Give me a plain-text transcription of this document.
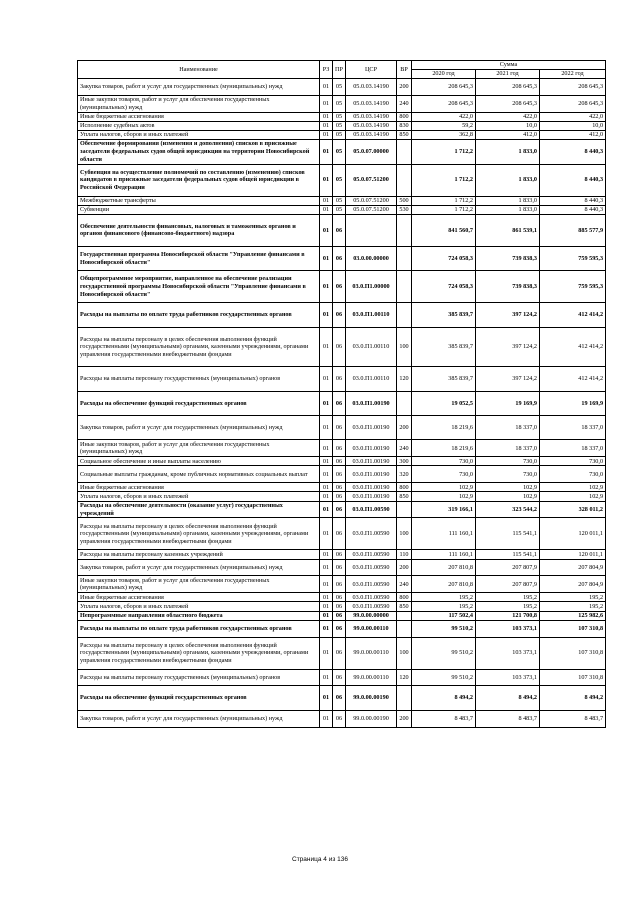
Наименование	РЗ	ПР	ЦСР	ВР	Сумма		
					2020 год	2021 год	2022 год
Закупка товаров, работ и услуг для государственных (муниципальных) нужд	01	05	05.0.03.14190	200	208 645,3	208 645,3	208 645,3
Иные закупки товаров, работ и услуг для обеспечения государственных (муниципальных) нужд	01	05	05.0.03.14190	240	208 645,3	208 645,3	208 645,3
Иные бюджетные ассигнования	01	05	05.0.03.14190	800	422,0	422,0	422,0
Исполнение судебных актов	01	05	05.0.03.14190	830	59,2	10,0	10,0
Уплата налогов, сборов и иных платежей	01	05	05.0.03.14190	850	362,8	412,0	412,0
Обеспечение формирования (изменения и дополнения) списков в присяжные заседатели федеральных судов общей юрисдикции на территории Новосибирской области	01	05	05.0.07.00000		1 712,2	1 833,0	8 440,3
Субвенция на осуществление полномочий по составлению (изменению) списков кандидатов в присяжные заседатели федеральных судов общей юрисдикции в Российской Федерации	01	05	05.0.07.51200		1 712,2	1 833,0	8 440,3
Межбюджетные трансферты	01	05	05.0.07.51200	500	1 712,2	1 833,0	8 440,3
Субвенции	01	05	05.0.07.51200	530	1 712,2	1 833,0	8 440,3
Обеспечение деятельности финансовых, налоговых и таможенных органов и органов финансового (финансово-бюджетного) надзора	01	06			841 560,7	861 539,1	885 577,9
Государственная программа Новосибирской области "Управление финансами в Новосибирской области"	01	06	03.0.00.00000		724 058,3	739 838,3	759 595,3
Общепрограммное мероприятие, направленное на обеспечение реализации государственной программы Новосибирской области "Управление финансами в Новосибирской области"	01	06	03.0.П1.00000		724 058,3	739 838,3	759 595,3
Расходы на выплаты по оплате труда работников государственных органов	01	06	03.0.П1.00110		385 839,7	397 124,2	412 414,2
Расходы на выплаты персоналу в целях обеспечения выполнения функций государственными (муниципальными) органами, казенными учреждениями, органами управления государственными внебюджетными фондами	01	06	03.0.П1.00110	100	385 839,7	397 124,2	412 414,2
Расходы на выплаты персоналу государственных (муниципальных) органов	01	06	03.0.П1.00110	120	385 839,7	397 124,2	412 414,2
Расходы на обеспечение функций государственных органов	01	06	03.0.П1.00190		19 052,5	19 169,9	19 169,9
Закупка товаров, работ и услуг для государственных (муниципальных) нужд	01	06	03.0.П1.00190	200	18 219,6	18 337,0	18 337,0
Иные закупки товаров, работ и услуг для обеспечения государственных (муниципальных) нужд	01	06	03.0.П1.00190	240	18 219,6	18 337,0	18 337,0
Социальное обеспечение и иные выплаты населению	01	06	03.0.П1.00190	300	730,0	730,0	730,0
Социальные выплаты гражданам, кроме публичных нормативных социальных выплат	01	06	03.0.П1.00190	320	730,0	730,0	730,0
Иные бюджетные ассигнования	01	06	03.0.П1.00190	800	102,9	102,9	102,9
Уплата налогов, сборов и иных платежей	01	06	03.0.П1.00190	850	102,9	102,9	102,9
Расходы на обеспечение деятельности (оказание услуг) государственных учреждений	01	06	03.0.П1.00590		319 166,1	323 544,2	328 011,2
Расходы на выплаты персоналу в целях обеспечения выполнения функций государственными (муниципальными) органами, казенными учреждениями, органами управления государственными внебюджетными фондами	01	06	03.0.П1.00590	100	111 160,1	115 541,1	120 011,1
Расходы на выплаты персоналу казенных учреждений	01	06	03.0.П1.00590	110	111 160,1	115 541,1	120 011,1
Закупка товаров, работ и услуг для государственных (муниципальных) нужд	01	06	03.0.П1.00590	200	207 810,8	207 807,9	207 804,9
Иные закупки товаров, работ и услуг для обеспечения государственных (муниципальных) нужд	01	06	03.0.П1.00590	240	207 810,8	207 807,9	207 804,9
Иные бюджетные ассигнования	01	06	03.0.П1.00590	800	195,2	195,2	195,2
Уплата налогов, сборов и иных платежей	01	06	03.0.П1.00590	850	195,2	195,2	195,2
Непрограммные направления областного бюджета	01	06	99.0.00.00000		117 502,4	121 700,8	125 982,6
Расходы на выплаты по оплате труда работников государственных органов	01	06	99.0.00.00110		99 510,2	103 373,1	107 310,8
Расходы на выплаты персоналу в целях обеспечения выполнения функций государственными (муниципальными) органами, казенными учреждениями, органами управления государственными внебюджетными фондами	01	06	99.0.00.00110	100	99 510,2	103 373,1	107 310,8
Расходы на выплаты персоналу государственных (муниципальных) органов	01	06	99.0.00.00110	120	99 510,2	103 373,1	107 310,8
Расходы на обеспечение функций государственных органов	01	06	99.0.00.00190		8 494,2	8 494,2	8 494,2
Закупка товаров, работ и услуг для государственных (муниципальных) нужд	01	06	99.0.00.00190	200	8 483,7	8 483,7	8 483,7
Страница 4 из 136
